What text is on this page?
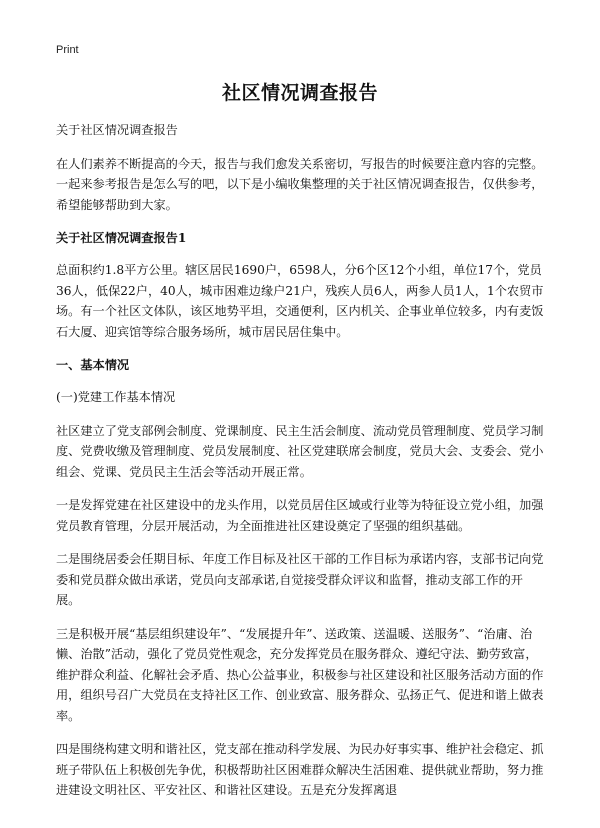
Print
社区情况调查报告

关于社区情况调查报告

在人们素养不断提高的今天，报告与我们愈发关系密切，写报告的时候要注意内容的完整。一起来参考报告是怎么写的吧，以下是小编收集整理的关于社区情况调查报告，仅供参考，希望能够帮助到大家。

关于社区情况调查报告1

总面积约1.8平方公里。辖区居民1690户，6598人，分6个区12个小组，单位17个，党员36人，低保22户，40人，城市困难边缘户21户，残疾人员6人，两参人员1人，1个农贸市场。有一个社区文体队，该区地势平坦，交通便利，区内机关、企事业单位较多，内有麦饭石大厦、迎宾馆等综合服务场所，城市居民居住集中。

一、基本情况

(一)党建工作基本情况

社区建立了党支部例会制度、党课制度、民主生活会制度、流动党员管理制度、党员学习制度、党费收缴及管理制度、党员发展制度、社区党建联席会制度，党员大会、支委会、党小组会、党课、党员民主生活会等活动开展正常。

一是发挥党建在社区建设中的龙头作用，以党员居住区域或行业等为特征设立党小组，加强党员教育管理，分层开展活动，为全面推进社区建设奠定了坚强的组织基础。

二是围绕居委会任期目标、年度工作目标及社区干部的工作目标为承诺内容，支部书记向党委和党员群众做出承诺，党员向支部承诺,自觉接受群众评议和监督，推动支部工作的开展。

三是积极开展“基层组织建设年”、“发展提升年”、送政策、送温暖、送服务”、“治庸、治懒、治散”活动，强化了党员党性观念，充分发挥党员在服务群众、遵纪守法、勤劳致富，维护群众利益、化解社会矛盾、热心公益事业，积极参与社区建设和社区服务活动方面的作用，组织号召广大党员在支持社区工作、创业致富、服务群众、弘扬正气、促进和谐上做表率。

四是围绕构建文明和谐社区，党支部在推动科学发展、为民办好事实事、维护社会稳定、抓班子带队伍上积极创先争优，积极帮助社区困难群众解决生活困难、提供就业帮助，努力推进建设文明社区、平安社区、和谐社区建设。五是充分发挥离退
